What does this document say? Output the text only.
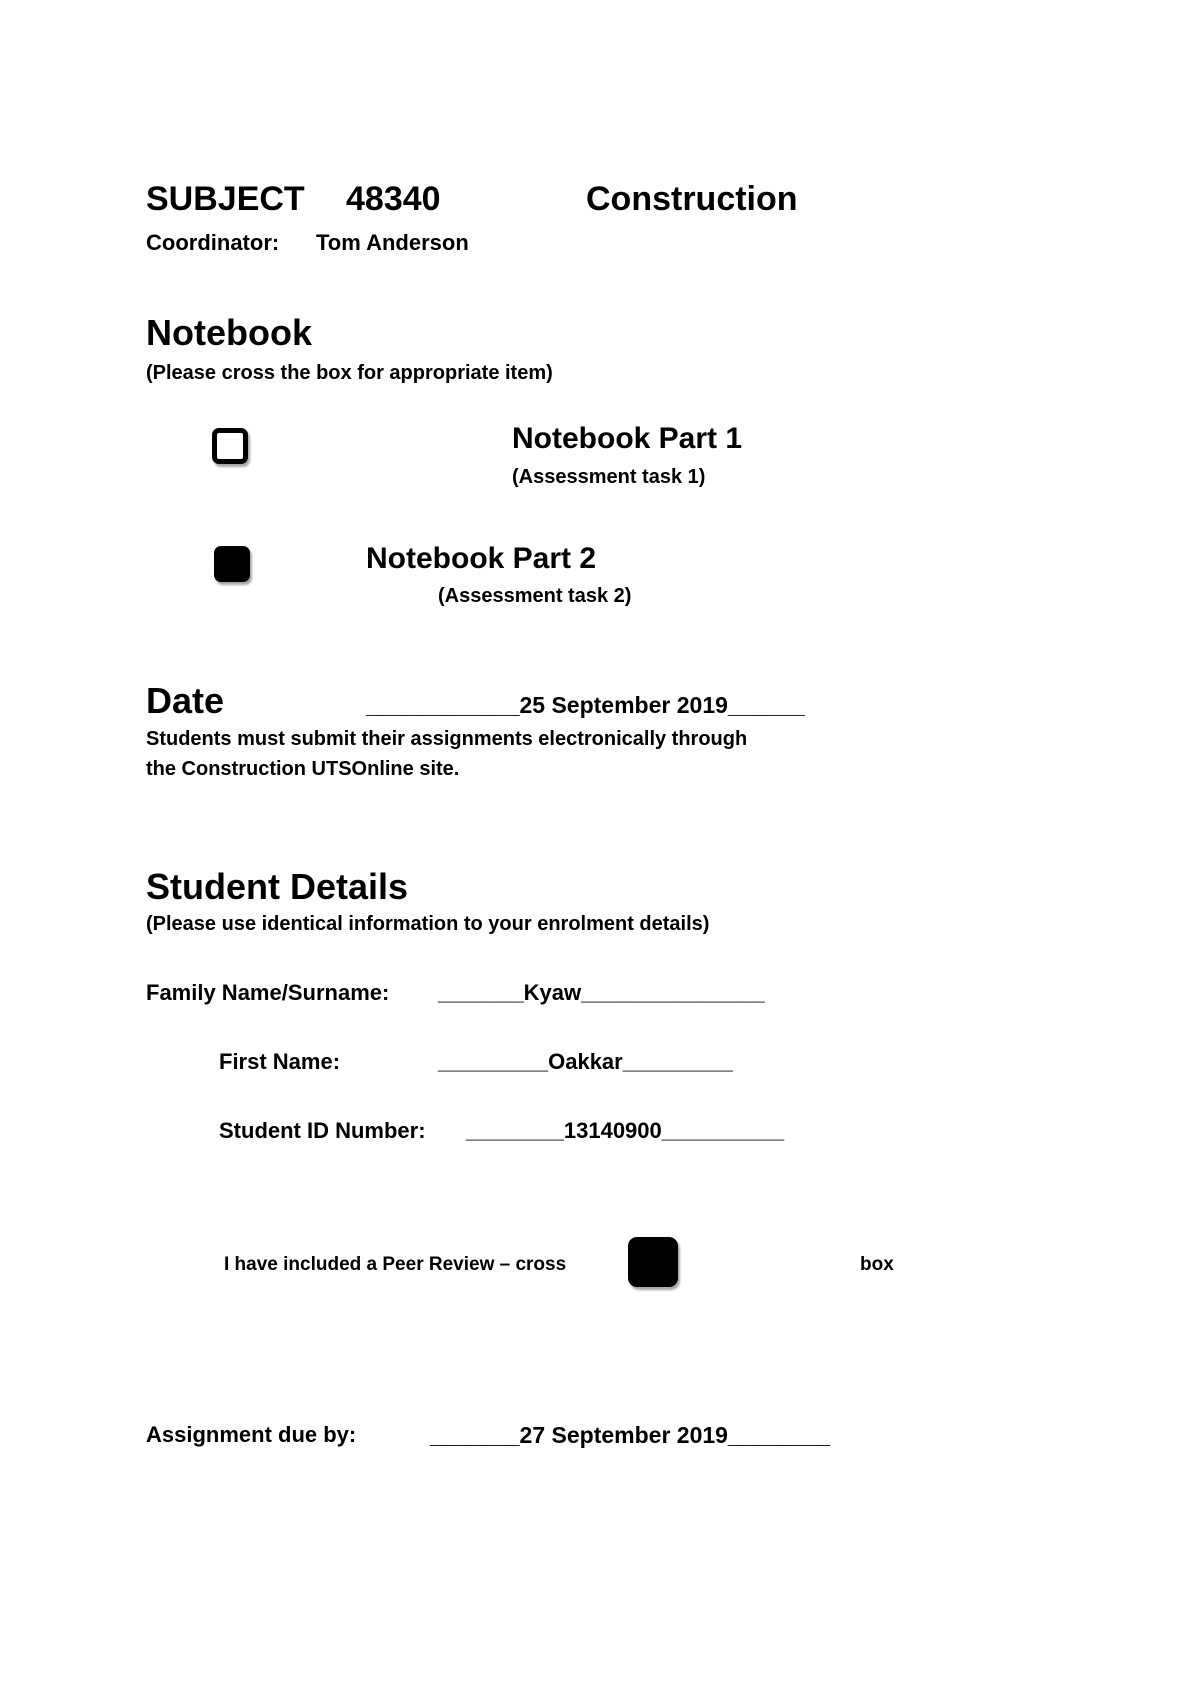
SUBJECT 48340	Construction
Coordinator: Tom Anderson
Notebook
(Please cross the box for appropriate item)
Notebook Part 1
(Assessment task 1)
Notebook Part 2
(Assessment task 2)
Date	____________25 September 2019______
Students must submit their assignments electronically through
the Construction UTSOnline site.
Student Details
(Please use identical information to your enrolment details)
Family Name/Surname: _______Kyaw_______________
First Name:	_________Oakkar_________
Student ID Number: ________13140900__________
I have included a Peer Review – cross	box
Assignment due by:	_______27 September 2019________
